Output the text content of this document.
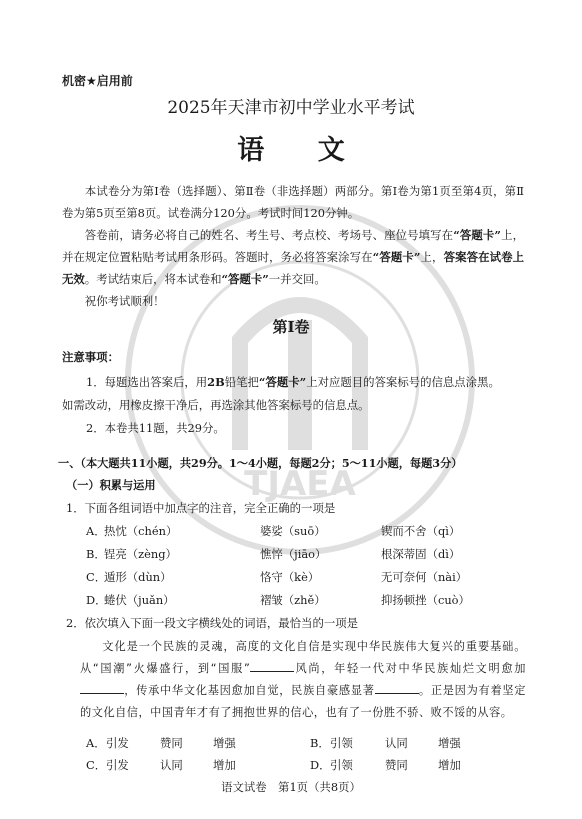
TJAEA
机密★启用前
2025年天津市初中学业水平考试
语 文
本试卷分为第Ⅰ卷（选择题）、第Ⅱ卷（非选择题）两部分。第Ⅰ卷为第1页至第4页，第Ⅱ卷为第5页至第8页。试卷满分120分。考试时间120分钟。
答卷前，请务必将自己的姓名、考生号、考点校、考场号、座位号填写在“答题卡”上，并在规定位置粘贴考试用条形码。答题时，务必将答案涂写在“答题卡”上，答案答在试卷上无效。考试结束后，将本试卷和“答题卡”一并交回。
祝你考试顺利！
第Ⅰ卷
注意事项：
1．每题选出答案后，用2B铅笔把“答题卡”上对应题目的答案标号的信息点涂黑。
如需改动，用橡皮擦干净后，再选涂其他答案标号的信息点。
2．本卷共11题，共29分。
一、（本大题共11小题，共29分。1～4小题，每题2分；5～11小题，每题3分）
（一）积累与运用
1．下面各组词语中加点字的注音，完全正确的一项是
A．
热忱（chén）	婆娑（suō）	锲而不舍（qì）
B．
锃亮（zèng）	憔悴（jiāo）	根深蒂固（dì）
C．
遁形（dùn）	恪守（kè）	无可奈何（nài）
D．
蜷伏（juǎn）	褶皱（zhě）	抑扬顿挫（cuò）
2．依次填入下面一段文字横线处的词语，最恰当的一项是
文化是一个民族的灵魂，高度的文化自信是实现中华民族伟大复兴的重要基础。从“国潮”火爆盛行，到“国服”	风尚，年轻一代对中华民族灿烂文明愈加，传承中华文化基因愈加自觉，民族自豪感显著	。正是因为有着坚定的文化自信，中国青年才有了拥抱世界的信心，也有了一份胜不骄、败不馁的从容。
A． 引发	赞同	增强	B． 引领	认同	增强
C． 引发	认同	增加	D． 引领	赞同	增加
语文试卷　第1页（共8页）
